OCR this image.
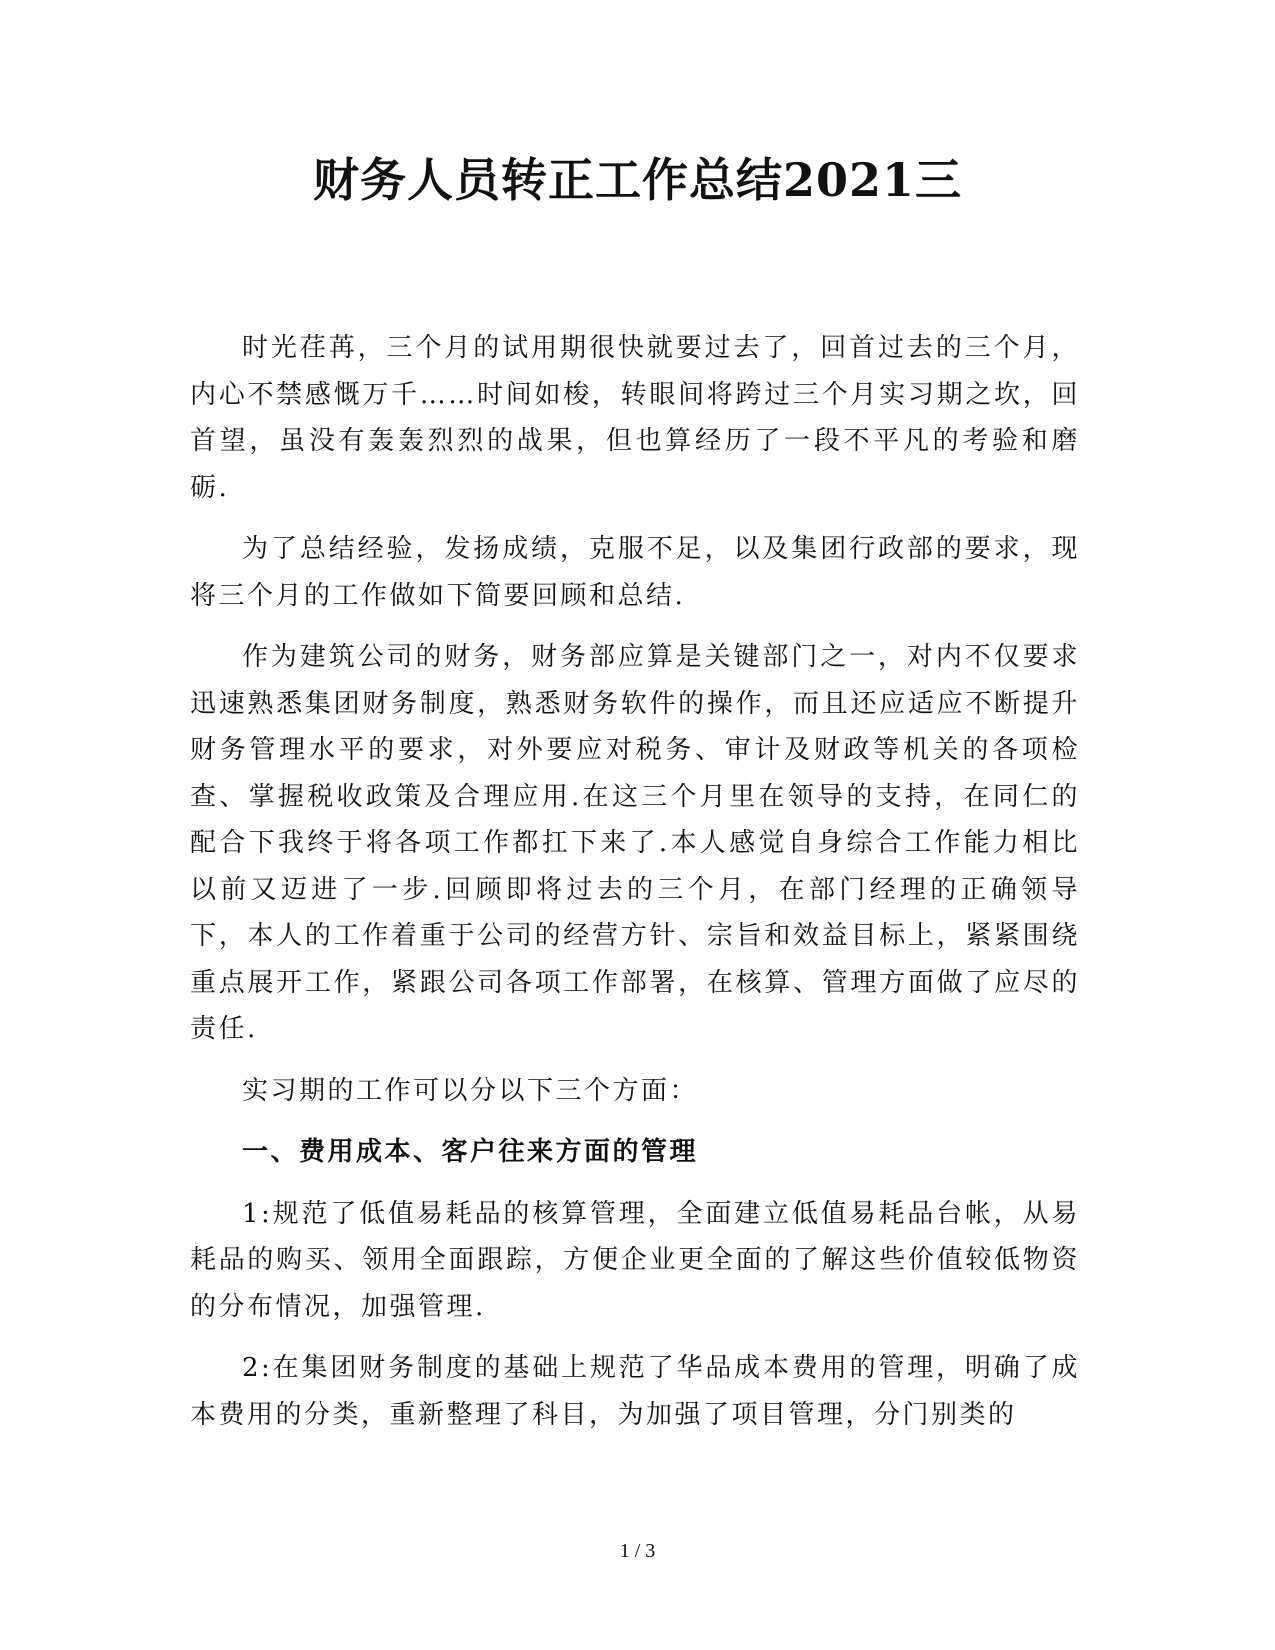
财务人员转正工作总结2021三

时光荏苒，三个月的试用期很快就要过去了，回首过去的三个月，内心不禁感慨万千……时间如梭，转眼间将跨过三个月实习期之坎，回首望，虽没有轰轰烈烈的战果，但也算经历了一段不平凡的考验和磨砺.

为了总结经验，发扬成绩，克服不足，以及集团行政部的要求，现将三个月的工作做如下简要回顾和总结.

作为建筑公司的财务，财务部应算是关键部门之一，对内不仅要求迅速熟悉集团财务制度，熟悉财务软件的操作，而且还应适应不断提升财务管理水平的要求，对外要应对税务、审计及财政等机关的各项检查、掌握税收政策及合理应用.在这三个月里在领导的支持，在同仁的配合下我终于将各项工作都扛下来了.本人感觉自身综合工作能力相比以前又迈进了一步.回顾即将过去的三个月，在部门经理的正确领导下，本人的工作着重于公司的经营方针、宗旨和效益目标上，紧紧围绕重点展开工作，紧跟公司各项工作部署，在核算、管理方面做了应尽的责任.

实习期的工作可以分以下三个方面：

一、费用成本、客户往来方面的管理

1:规范了低值易耗品的核算管理，全面建立低值易耗品台帐，从易耗品的购买、领用全面跟踪，方便企业更全面的了解这些价值较低物资的分布情况，加强管理.

2:在集团财务制度的基础上规范了华品成本费用的管理，明确了成本费用的分类，重新整理了科目，为加强了项目管理，分门别类的

1 / 3
